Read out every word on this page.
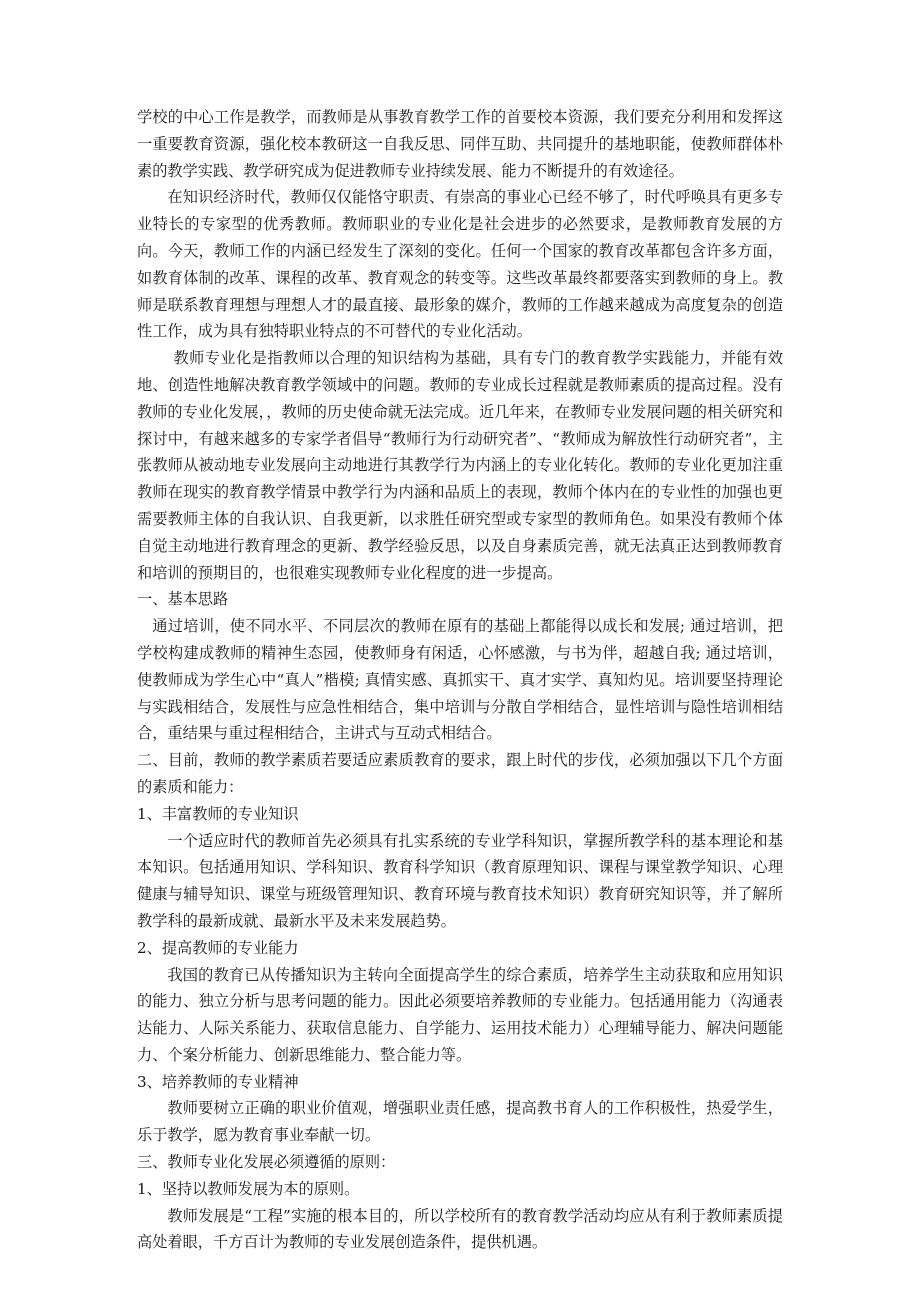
学校的中心工作是教学，而教师是从事教育教学工作的首要校本资源，我们要充分利用和发挥这一重要教育资源，强化校本教研这一自我反思、同伴互助、共同提升的基地职能，使教师群体朴素的教学实践、教学研究成为促进教师专业持续发展、能力不断提升的有效途径。

在知识经济时代，教师仅仅能恪守职责、有崇高的事业心已经不够了，时代呼唤具有更多专业特长的专家型的优秀教师。教师职业的专业化是社会进步的必然要求，是教师教育发展的方向。今天，教师工作的内涵已经发生了深刻的变化。任何一个国家的教育改革都包含许多方面，如教育体制的改革、课程的改革、教育观念的转变等。这些改革最终都要落实到教师的身上。教师是联系教育理想与理想人才的最直接、最形象的媒介，教师的工作越来越成为高度复杂的创造性工作，成为具有独特职业特点的不可替代的专业化活动。

教师专业化是指教师以合理的知识结构为基础，具有专门的教育教学实践能力，并能有效地、创造性地解决教育教学领域中的问题。教师的专业成长过程就是教师素质的提高过程。没有教师的专业化发展，，教师的历史使命就无法完成。近几年来，在教师专业发展问题的相关研究和探讨中，有越来越多的专家学者倡导“教师行为行动研究者”、“教师成为解放性行动研究者”，主张教师从被动地专业发展向主动地进行其教学行为内涵上的专业化转化。教师的专业化更加注重教师在现实的教育教学情景中教学行为内涵和品质上的表现，教师个体内在的专业性的加强也更需要教师主体的自我认识、自我更新，以求胜任研究型或专家型的教师角色。如果没有教师个体自觉主动地进行教育理念的更新、教学经验反思，以及自身素质完善，就无法真正达到教师教育和培训的预期目的，也很难实现教师专业化程度的进一步提高。

一、基本思路

通过培训，使不同水平、不同层次的教师在原有的基础上都能得以成长和发展; 通过培训，把学校构建成教师的精神生态园，使教师身有闲适，心怀感激，与书为伴，超越自我; 通过培训，使教师成为学生心中“真人”楷模; 真情实感、真抓实干、真才实学、真知灼见。培训要坚持理论与实践相结合，发展性与应急性相结合，集中培训与分散自学相结合，显性培训与隐性培训相结合，重结果与重过程相结合，主讲式与互动式相结合。

二、目前，教师的教学素质若要适应素质教育的要求，跟上时代的步伐，必须加强以下几个方面的素质和能力：

1、丰富教师的专业知识

一个适应时代的教师首先必须具有扎实系统的专业学科知识，掌握所教学科的基本理论和基本知识。包括通用知识、学科知识、教育科学知识（教育原理知识、课程与课堂教学知识、心理健康与辅导知识、课堂与班级管理知识、教育环境与教育技术知识）教育研究知识等，并了解所教学科的最新成就、最新水平及未来发展趋势。

2、提高教师的专业能力

我国的教育已从传播知识为主转向全面提高学生的综合素质，培养学生主动获取和应用知识的能力、独立分析与思考问题的能力。因此必须要培养教师的专业能力。包括通用能力（沟通表达能力、人际关系能力、获取信息能力、自学能力、运用技术能力）心理辅导能力、解决问题能力、个案分析能力、创新思维能力、整合能力等。

3、培养教师的专业精神

教师要树立正确的职业价值观，增强职业责任感，提高教书育人的工作积极性，热爱学生，乐于教学，愿为教育事业奉献一切。

三、教师专业化发展必须遵循的原则：

1、坚持以教师发展为本的原则。

教师发展是“工程”实施的根本目的，所以学校所有的教育教学活动均应从有利于教师素质提高处着眼，千方百计为教师的专业发展创造条件，提供机遇。
